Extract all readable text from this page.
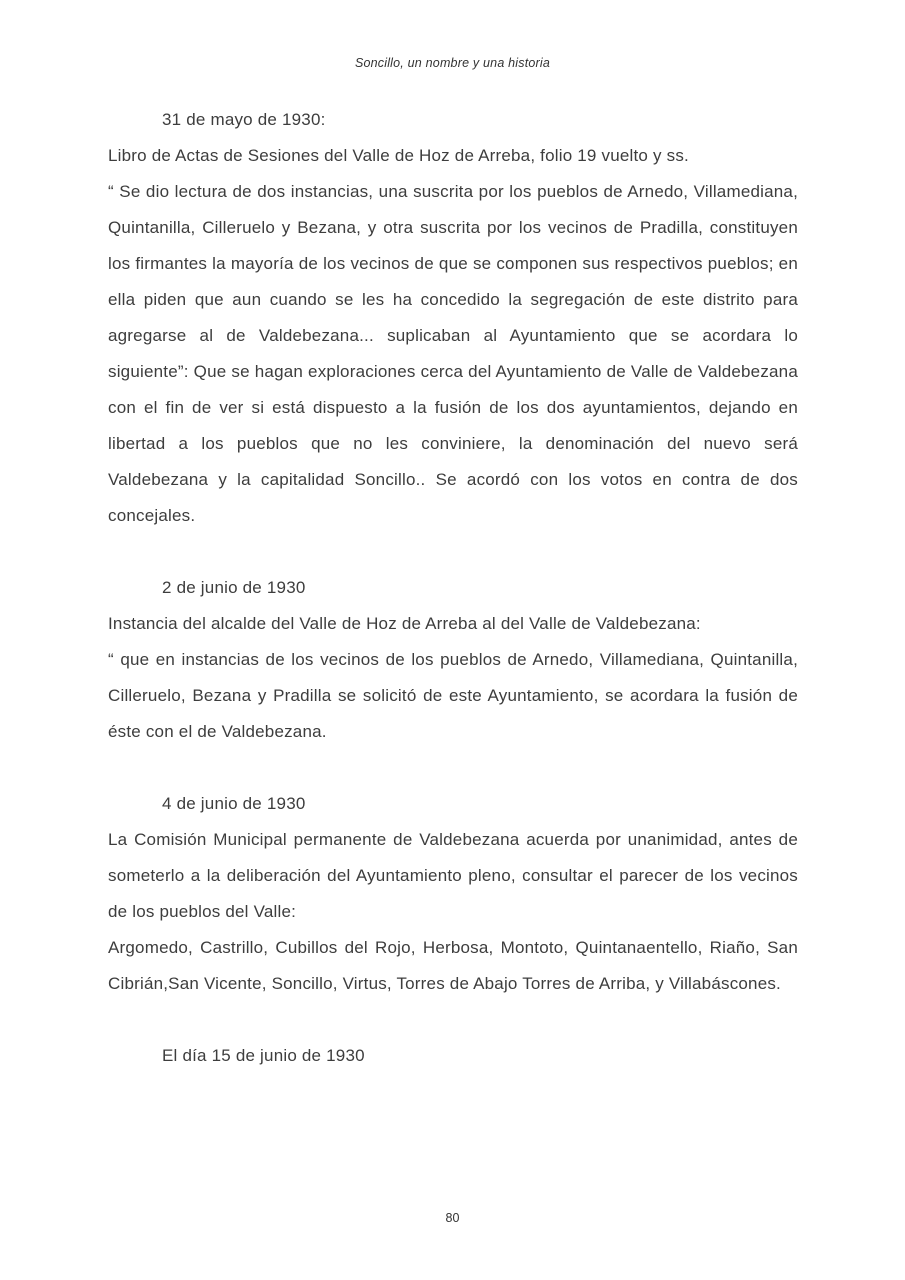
Soncillo, un nombre y una historia

31 de mayo de 1930:

Libro de Actas de Sesiones del Valle de Hoz de Arreba, folio 19 vuelto y ss.

“ Se dio lectura de dos instancias, una suscrita por los pueblos de Arnedo, Villamediana, Quintanilla, Cilleruelo y Bezana, y otra suscrita por los vecinos de Pradilla, constituyen los firmantes la mayoría de los vecinos de que se componen sus respectivos pueblos; en ella piden que aun cuando se les ha concedido la segregación de este distrito para agregarse al de Valdebezana... suplicaban al Ayuntamiento que se acordara lo siguiente”: Que se hagan exploraciones cerca del Ayuntamiento de Valle de Valdebezana con el fin de ver si está dispuesto a la fusión de los dos ayuntamientos, dejando en libertad a los pueblos que no les conviniere, la denominación del nuevo será Valdebezana y la capitalidad Soncillo.. Se acordó con los votos en contra de dos concejales.

2 de junio de 1930

Instancia del alcalde del Valle de Hoz de Arreba al del Valle de Valdebezana:

“ que en instancias de los vecinos de los pueblos de Arnedo, Villamediana, Quintanilla, Cilleruelo, Bezana y Pradilla se solicitó de este Ayuntamiento, se acordara la fusión de éste con el de Valdebezana.

4 de junio de 1930

La Comisión Municipal permanente de Valdebezana acuerda por unanimidad, antes de someterlo a la deliberación del Ayuntamiento pleno, consultar el parecer de los vecinos de los pueblos del Valle:

Argomedo, Castrillo, Cubillos del Rojo, Herbosa, Montoto, Quintanaentello, Riaño, San Cibrián,San Vicente, Soncillo, Virtus, Torres de Abajo Torres de Arriba, y Villabáscones.

El día 15 de junio de 1930

80
